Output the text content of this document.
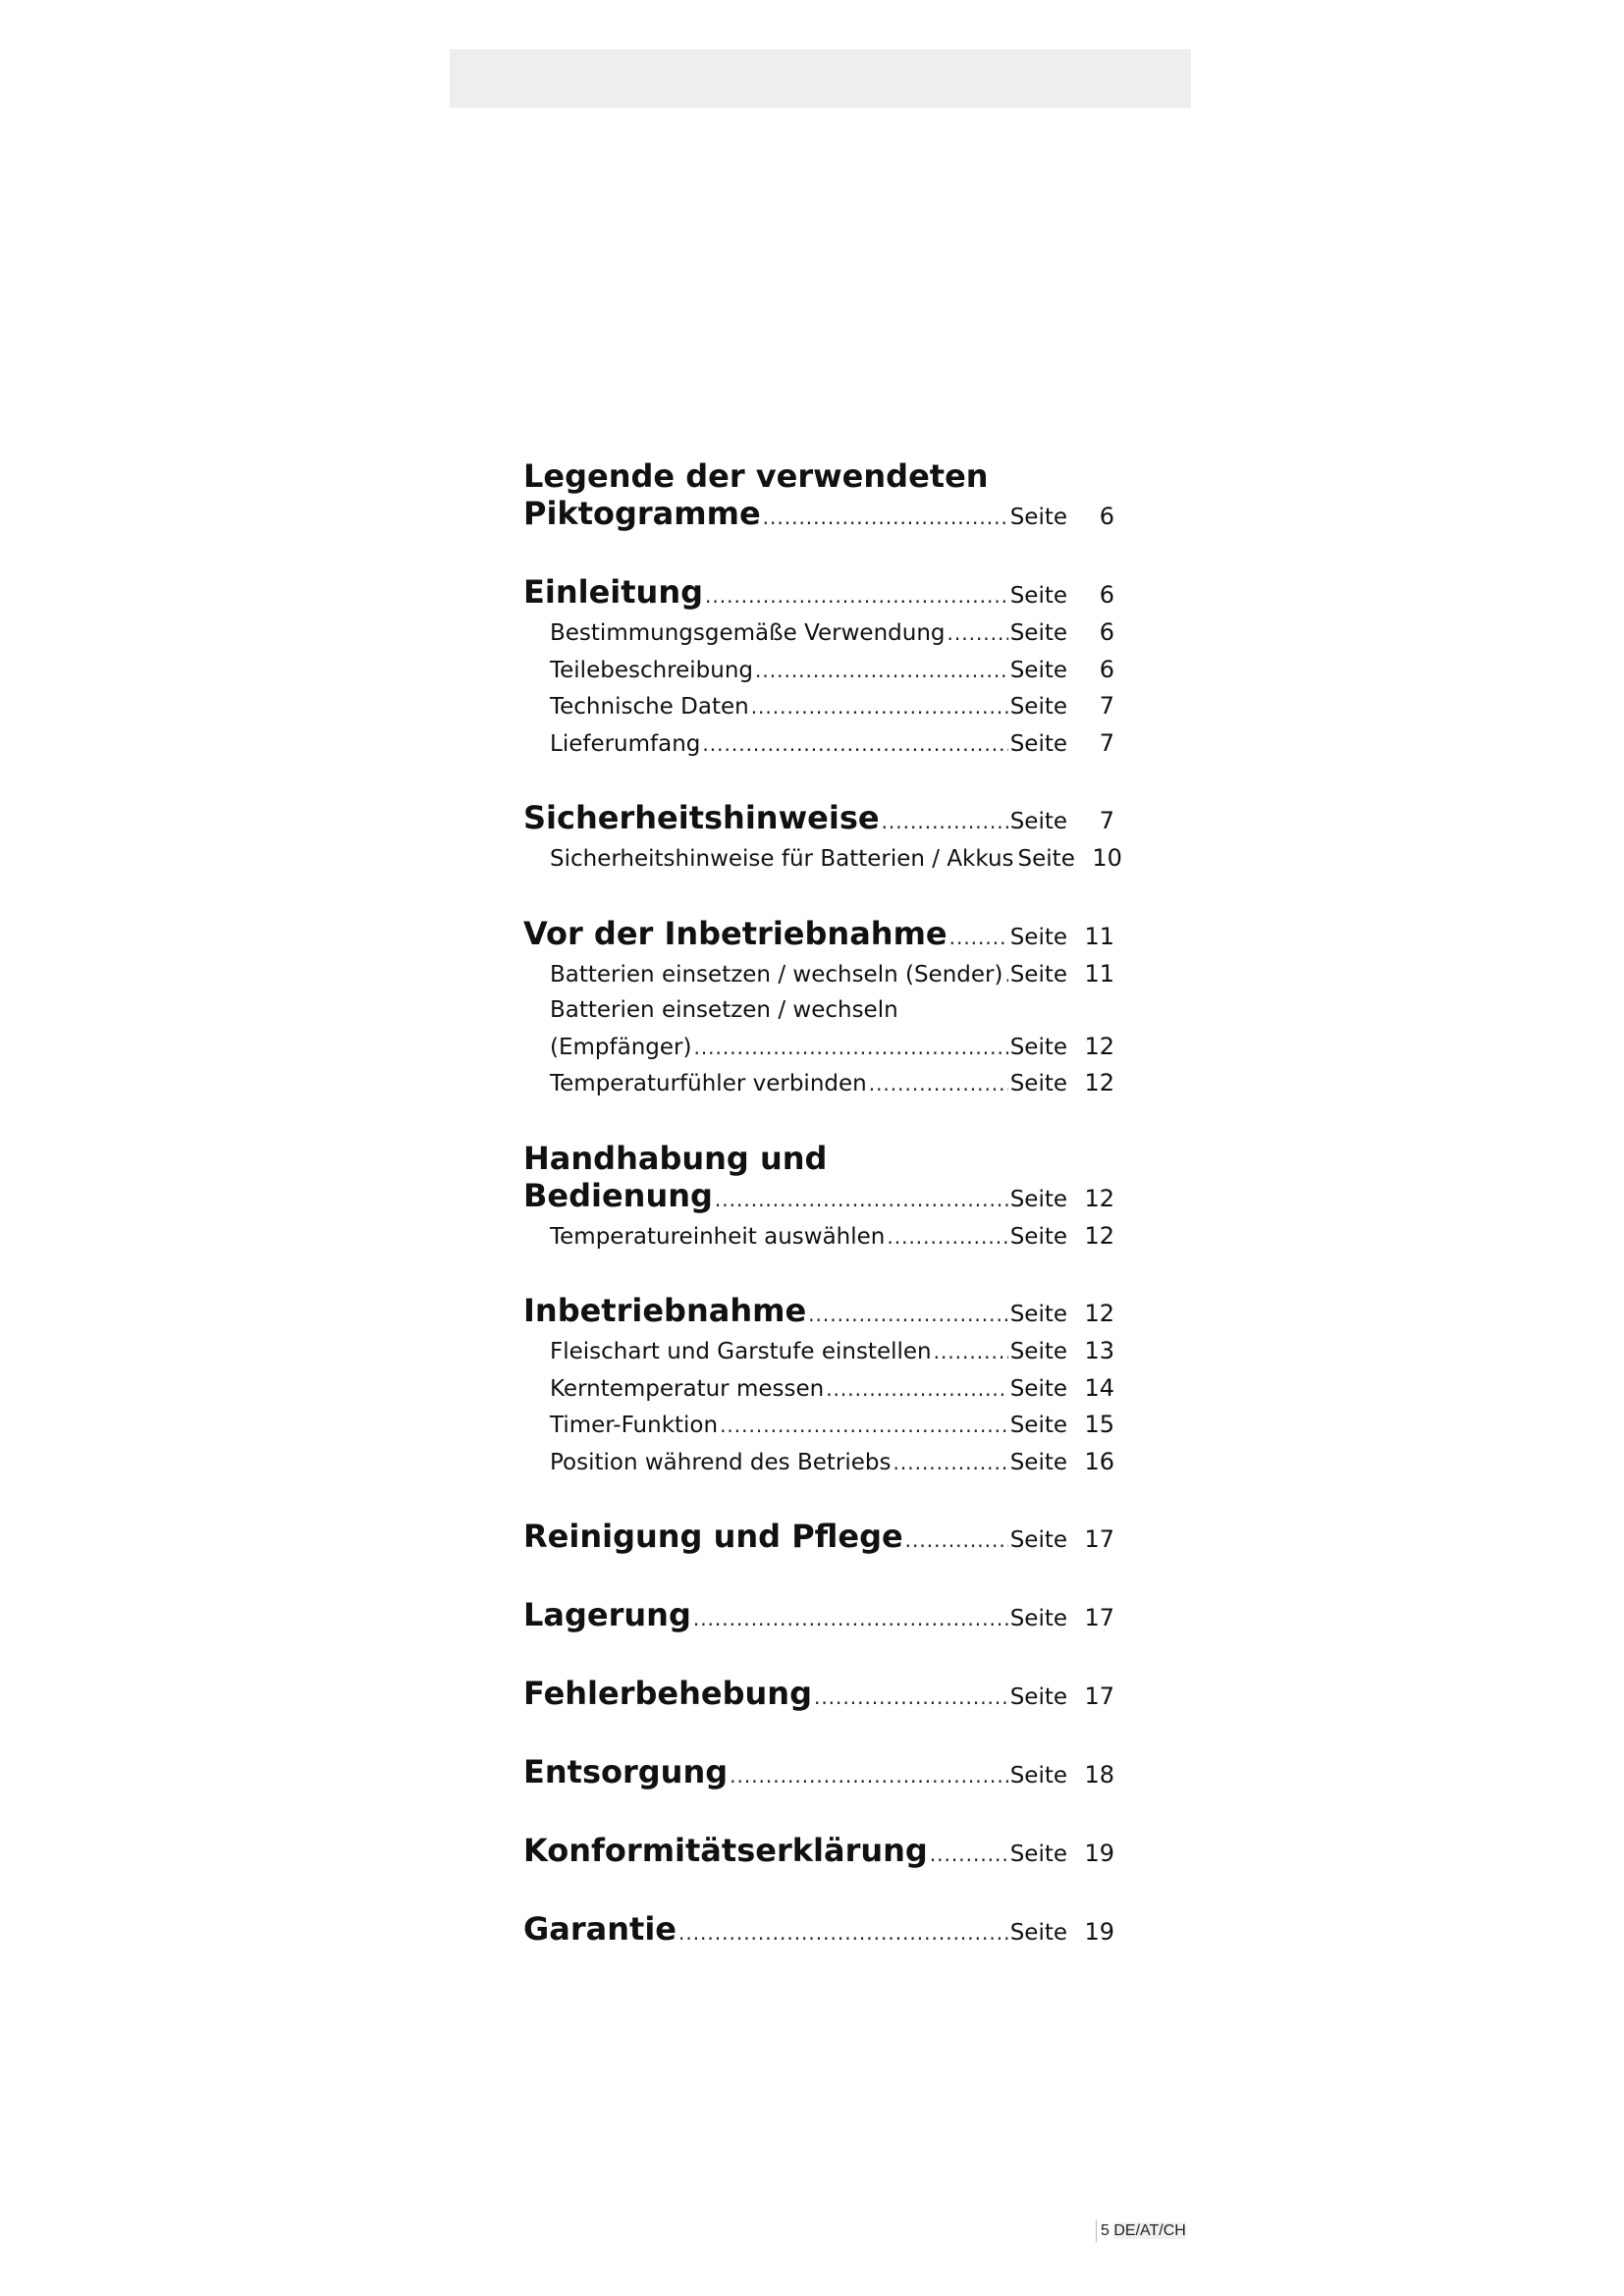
Legende der verwendeten
Piktogramme .....	Seite	6
Einleitung .....	Seite	6
Bestimmungsgemäße Verwendung .....	Seite	6
Teilebeschreibung .....	Seite	6
Technische Daten .....	Seite	7
Lieferumfang .....	Seite	7
Sicherheitshinweise .....	Seite	7
Sicherheitshinweise für Batterien / Akkus Seite 10
Vor der Inbetriebnahme .....	Seite 11
Batterien einsetzen / wechseln (Sender) ..... Seite 11
Batterien einsetzen / wechseln
(Empfänger) .....	Seite 12
Temperaturfühler verbinden .....	Seite 12
Handhabung und
Bedienung .....	Seite 12
Temperatureinheit auswählen .....	Seite 12
Inbetriebnahme .....	Seite 12
Fleischart und Garstufe einstellen .....	Seite 13
Kerntemperatur messen .....	Seite 14
Timer-Funktion .....	Seite 15
Position während des Betriebs .....	Seite 16
Reinigung und Pflege .....	Seite 17
Lagerung .....	Seite 17
Fehlerbehebung .....	Seite 17
Entsorgung .....	Seite 18
Konformitätserklärung .....	Seite 19
Garantie .....	Seite 19
5 DE/AT/CH
